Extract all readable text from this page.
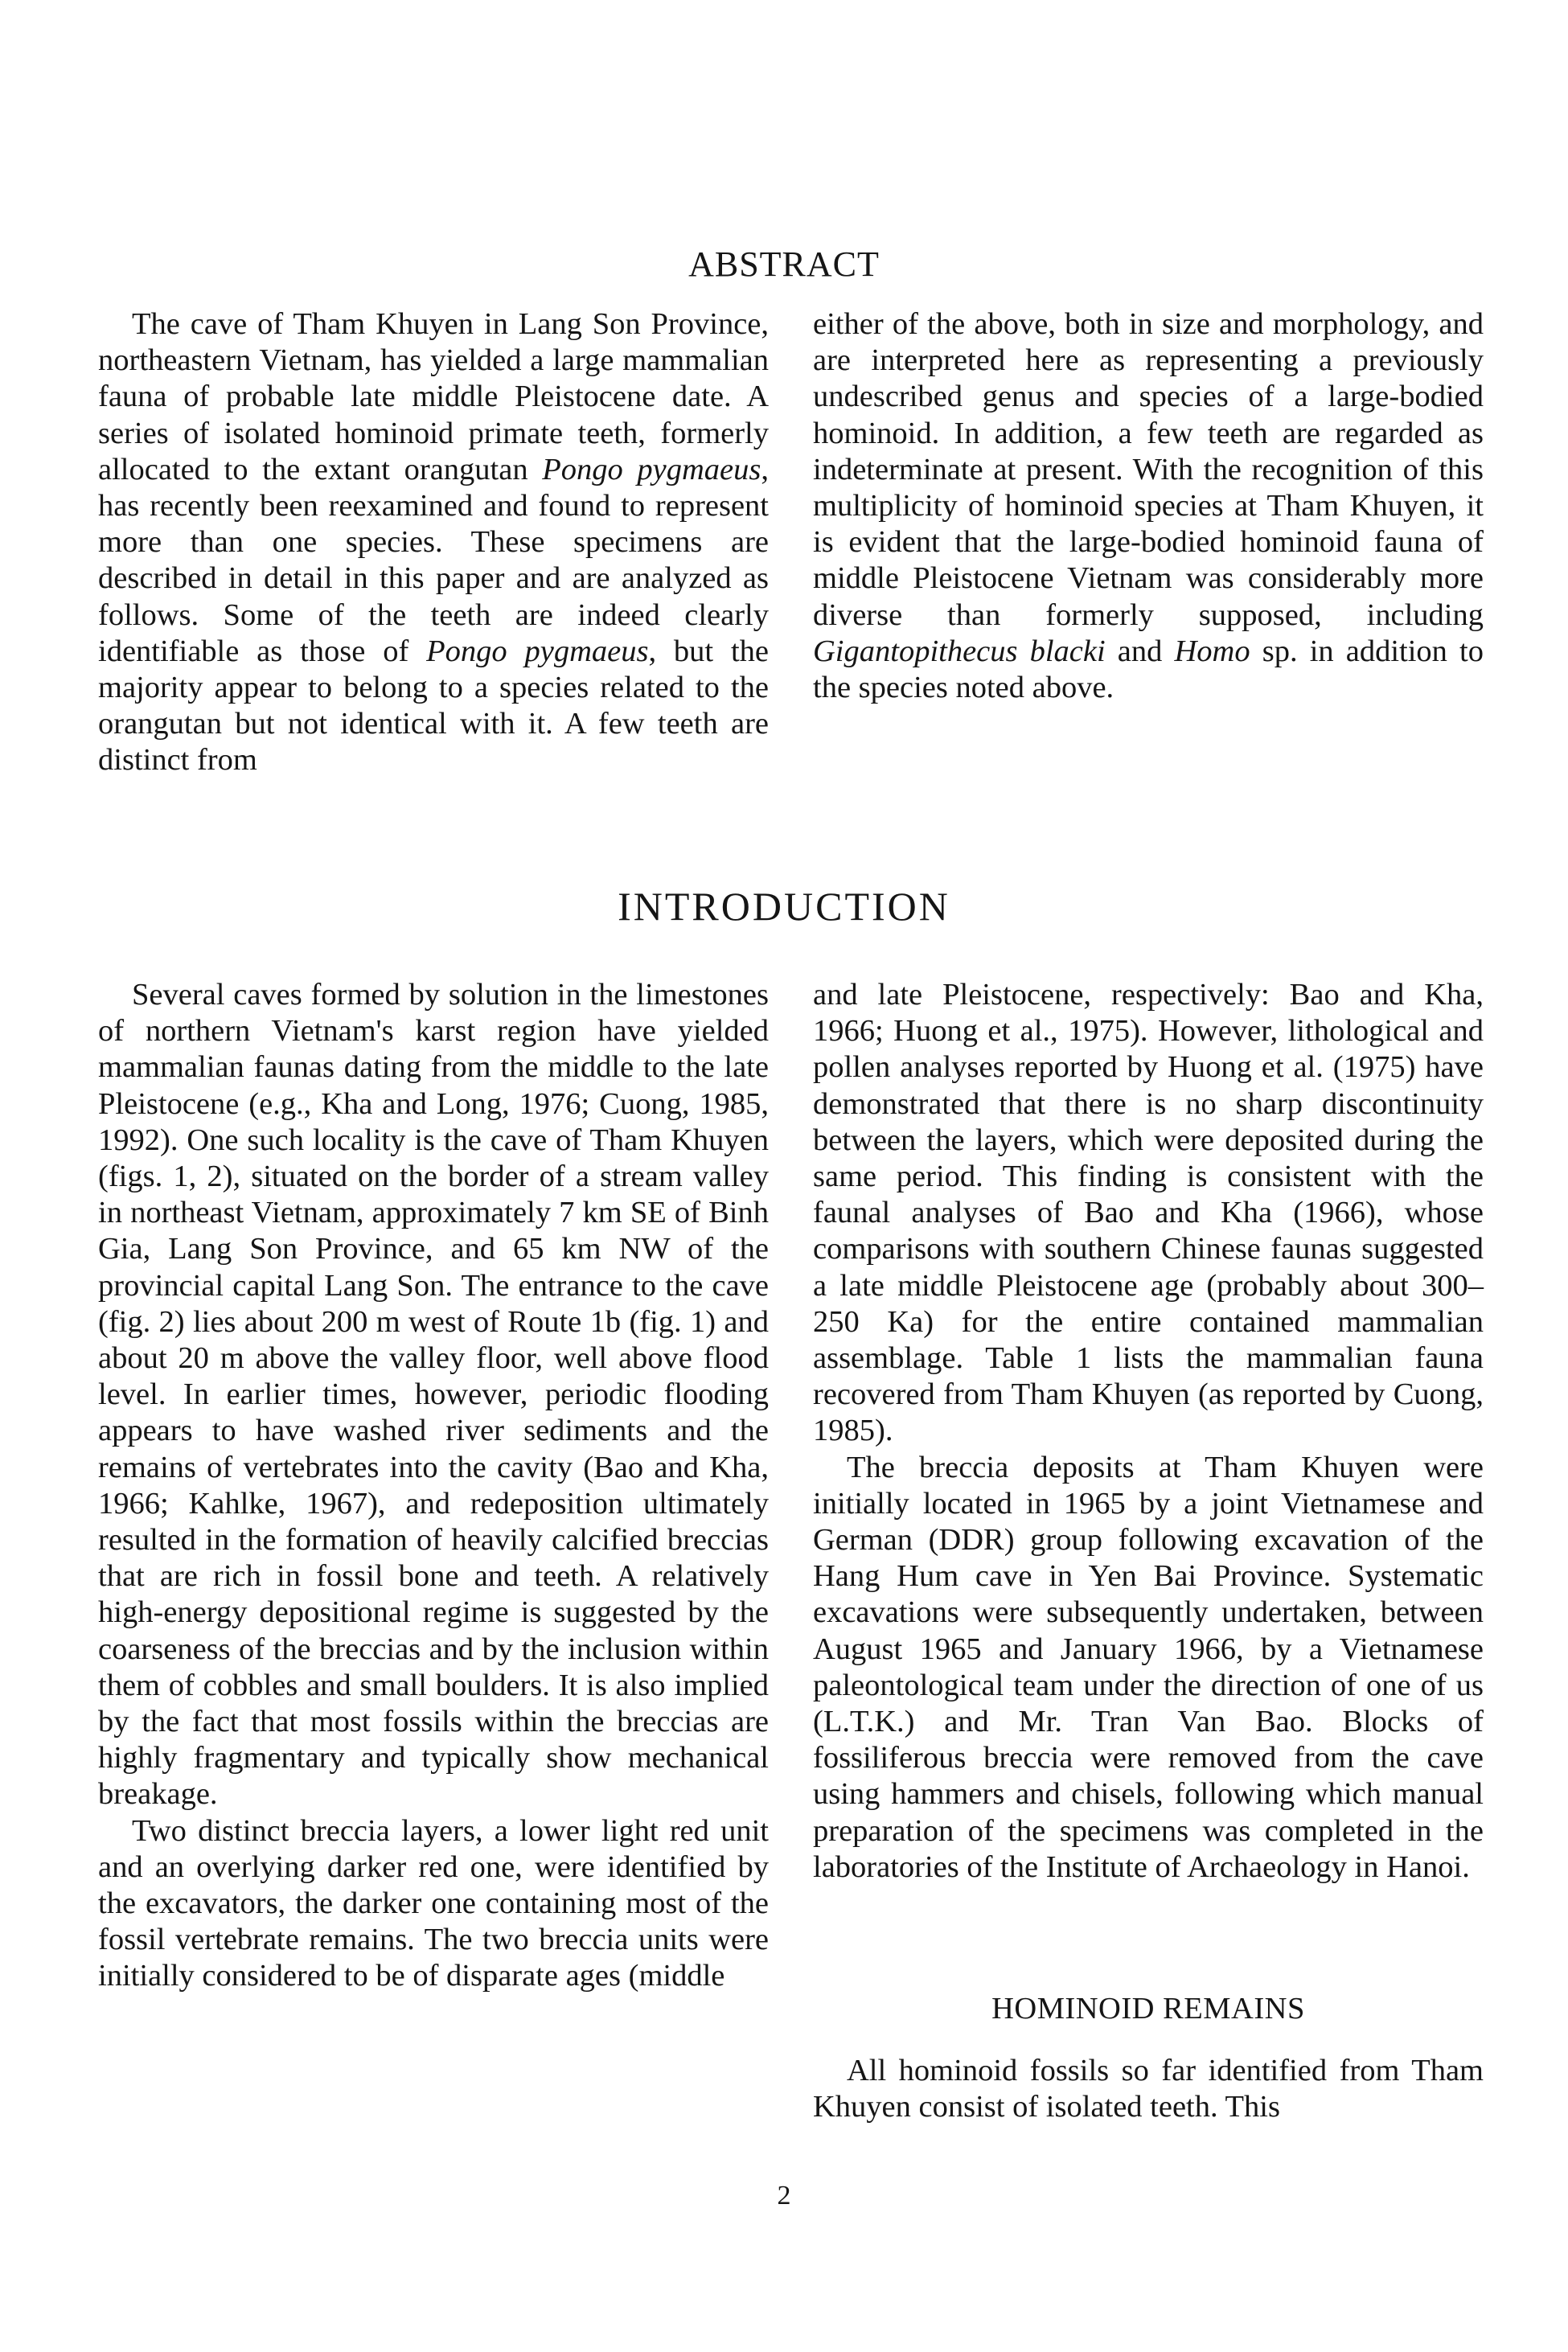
ABSTRACT

The cave of Tham Khuyen in Lang Son Province, northeastern Vietnam, has yielded a large mammalian fauna of probable late middle Pleistocene date. A series of isolated hominoid primate teeth, formerly allocated to the extant orangutan Pongo pygmaeus, has recently been reexamined and found to represent more than one species. These specimens are described in detail in this paper and are analyzed as follows. Some of the teeth are indeed clearly identifiable as those of Pongo pygmaeus, but the majority appear to belong to a species related to the orangutan but not identical with it. A few teeth are distinct from

either of the above, both in size and morphology, and are interpreted here as representing a previously undescribed genus and species of a large-bodied hominoid. In addition, a few teeth are regarded as indeterminate at present. With the recognition of this multiplicity of hominoid species at Tham Khuyen, it is evident that the large-bodied hominoid fauna of middle Pleistocene Vietnam was considerably more diverse than formerly supposed, including Gigantopithecus blacki and Homo sp. in addition to the species noted above.

INTRODUCTION

Several caves formed by solution in the limestones of northern Vietnam's karst region have yielded mammalian faunas dating from the middle to the late Pleistocene (e.g., Kha and Long, 1976; Cuong, 1985, 1992). One such locality is the cave of Tham Khuyen (figs. 1, 2), situated on the border of a stream valley in northeast Vietnam, approximately 7 km SE of Binh Gia, Lang Son Province, and 65 km NW of the provincial capital Lang Son. The entrance to the cave (fig. 2) lies about 200 m west of Route 1b (fig. 1) and about 20 m above the valley floor, well above flood level. In earlier times, however, periodic flooding appears to have washed river sediments and the remains of vertebrates into the cavity (Bao and Kha, 1966; Kahlke, 1967), and redeposition ultimately resulted in the formation of heavily calcified breccias that are rich in fossil bone and teeth. A relatively high-energy depositional regime is suggested by the coarseness of the breccias and by the inclusion within them of cobbles and small boulders. It is also implied by the fact that most fossils within the breccias are highly fragmentary and typically show mechanical breakage.

Two distinct breccia layers, a lower light red unit and an overlying darker red one, were identified by the excavators, the darker one containing most of the fossil vertebrate remains. The two breccia units were initially considered to be of disparate ages (middle

and late Pleistocene, respectively: Bao and Kha, 1966; Huong et al., 1975). However, lithological and pollen analyses reported by Huong et al. (1975) have demonstrated that there is no sharp discontinuity between the layers, which were deposited during the same period. This finding is consistent with the faunal analyses of Bao and Kha (1966), whose comparisons with southern Chinese faunas suggested a late middle Pleistocene age (probably about 300–250 Ka) for the entire contained mammalian assemblage. Table 1 lists the mammalian fauna recovered from Tham Khuyen (as reported by Cuong, 1985).

The breccia deposits at Tham Khuyen were initially located in 1965 by a joint Vietnamese and German (DDR) group following excavation of the Hang Hum cave in Yen Bai Province. Systematic excavations were subsequently undertaken, between August 1965 and January 1966, by a Vietnamese paleontological team under the direction of one of us (L.T.K.) and Mr. Tran Van Bao. Blocks of fossiliferous breccia were removed from the cave using hammers and chisels, following which manual preparation of the specimens was completed in the laboratories of the Institute of Archaeology in Hanoi.

HOMINOID REMAINS

All hominoid fossils so far identified from Tham Khuyen consist of isolated teeth. This

2
